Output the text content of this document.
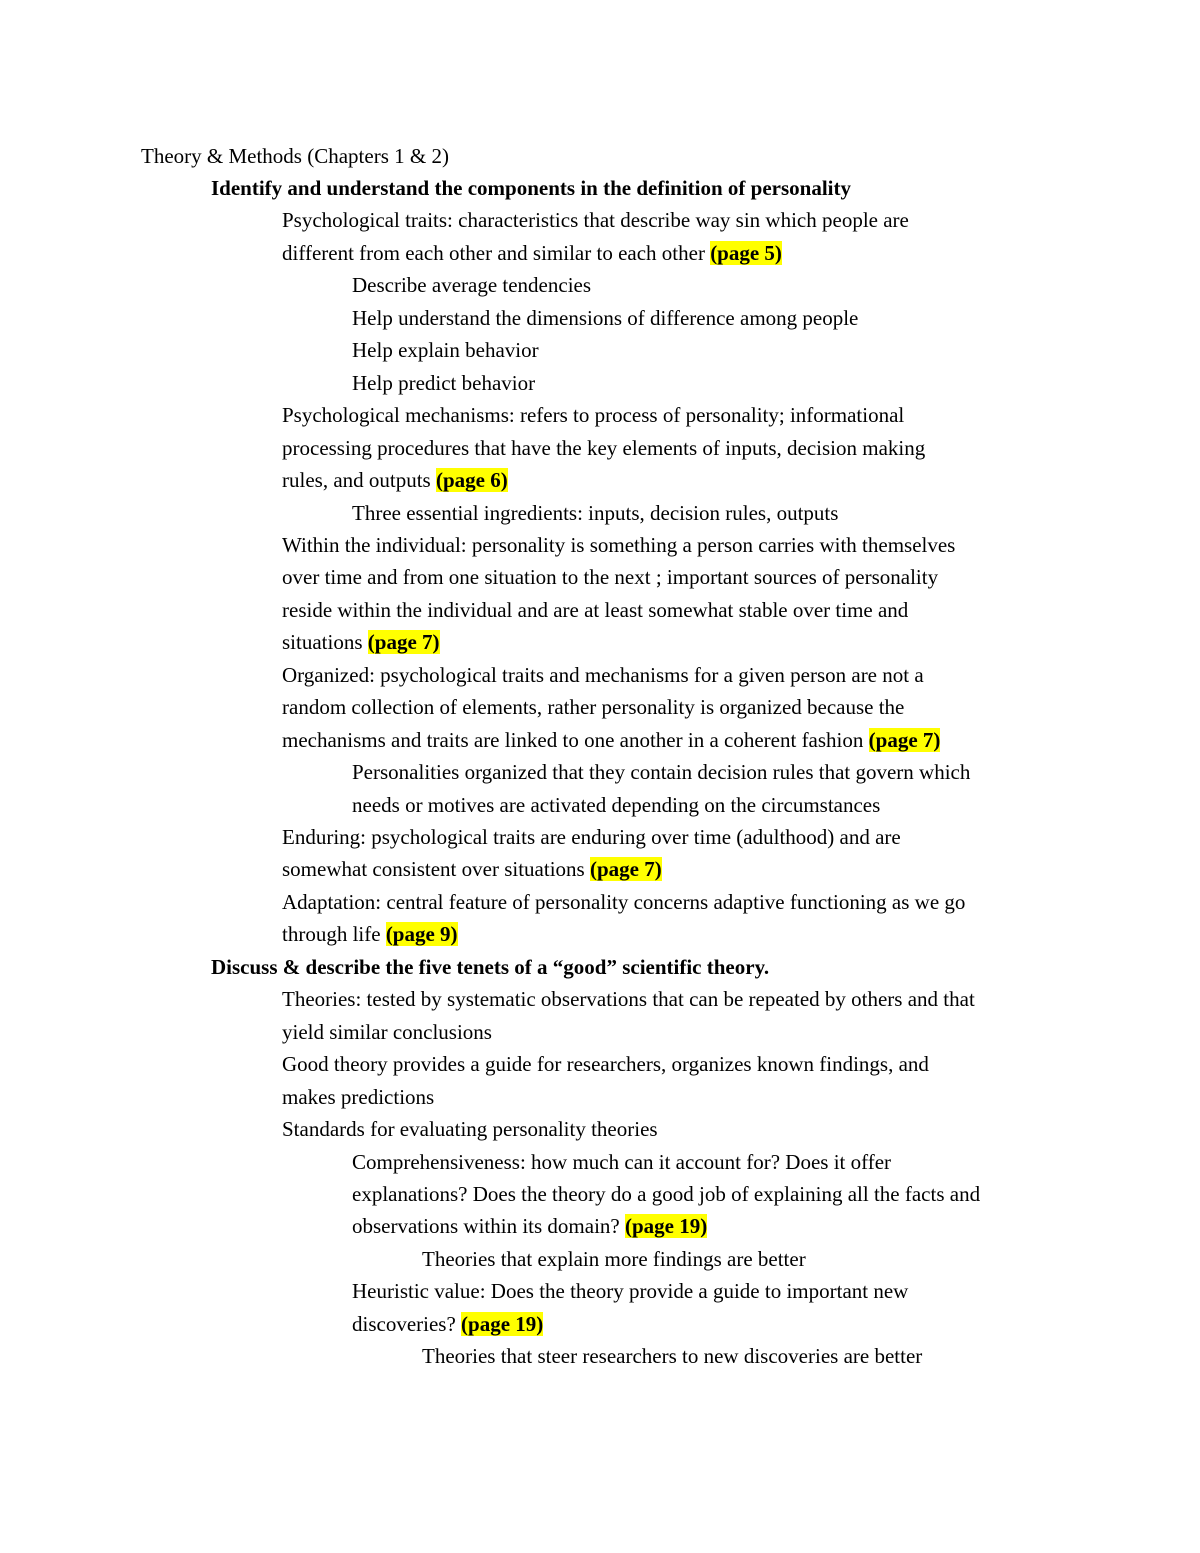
Theory & Methods (Chapters 1 & 2)
Identify and understand the components in the definition of personality
Psychological traits: characteristics that describe way sin which people are
different from each other and similar to each other (page 5)
Describe average tendencies
Help understand the dimensions of difference among people
Help explain behavior
Help predict behavior
Psychological mechanisms: refers to process of personality; informational
processing procedures that have the key elements of inputs, decision making
rules, and outputs (page 6)
Three essential ingredients: inputs, decision rules, outputs
Within the individual: personality is something a person carries with themselves
over time and from one situation to the next ; important sources of personality
reside within the individual and are at least somewhat stable over time and
situations (page 7)
Organized: psychological traits and mechanisms for a given person are not a
random collection of elements, rather personality is organized because the
mechanisms and traits are linked to one another in a coherent fashion (page 7)
Personalities organized that they contain decision rules that govern which
needs or motives are activated depending on the circumstances
Enduring: psychological traits are enduring over time (adulthood) and are
somewhat consistent over situations (page 7)
Adaptation: central feature of personality concerns adaptive functioning as we go
through life (page 9)
Discuss & describe the five tenets of a “good” scientific theory.
Theories: tested by systematic observations that can be repeated by others and that
yield similar conclusions
Good theory provides a guide for researchers, organizes known findings, and
makes predictions
Standards for evaluating personality theories
Comprehensiveness: how much can it account for? Does it offer
explanations? Does the theory do a good job of explaining all the facts and
observations within its domain? (page 19)
Theories that explain more findings are better
Heuristic value: Does the theory provide a guide to important new
discoveries? (page 19)
Theories that steer researchers to new discoveries are better
